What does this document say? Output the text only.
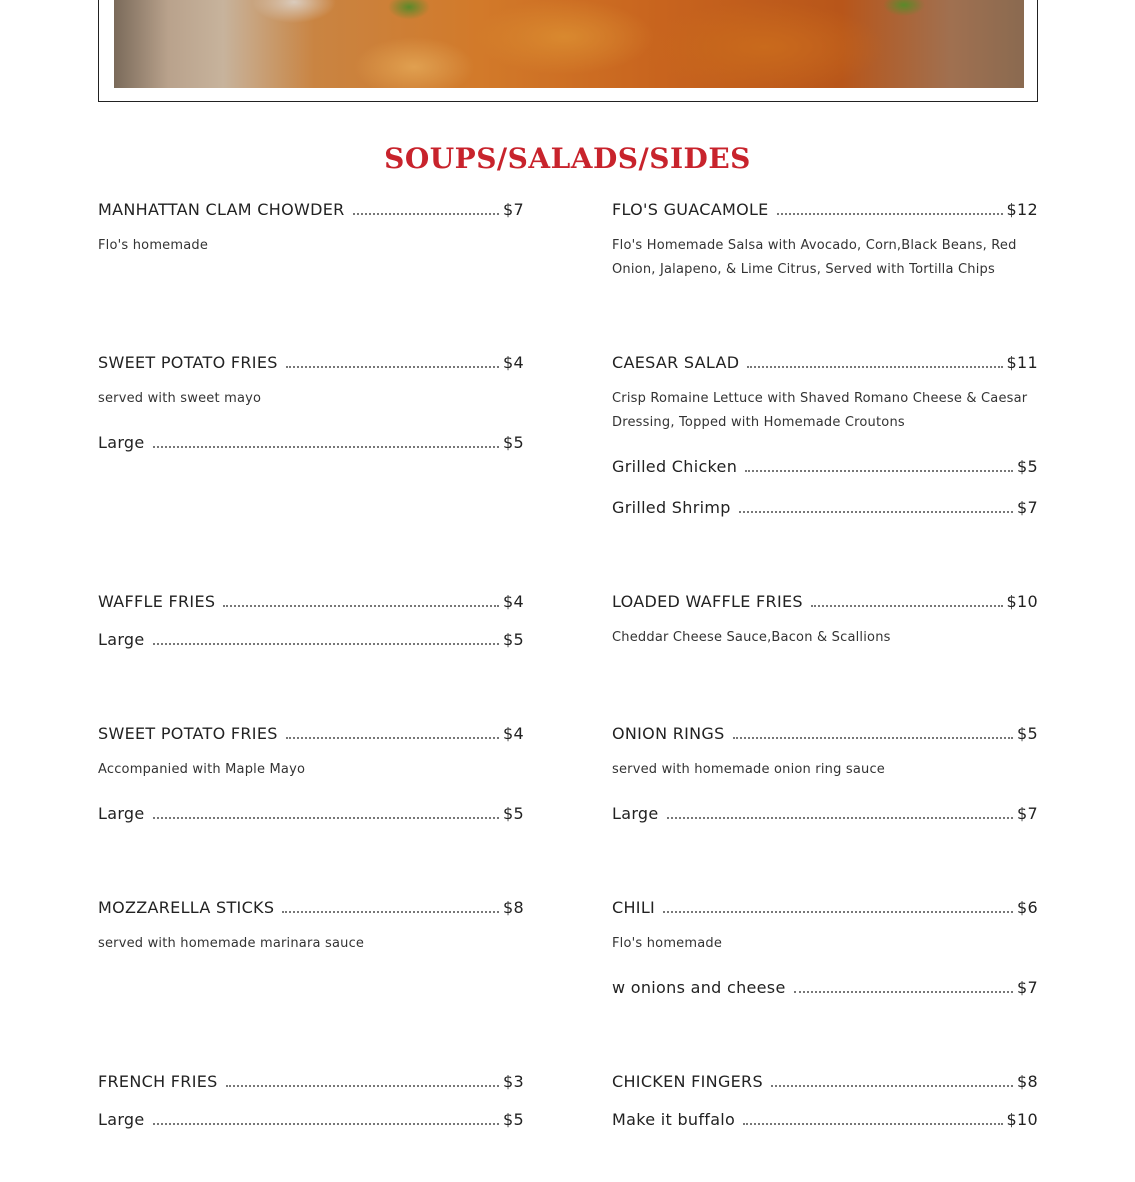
SOUPS/SALADS/SIDES
MANHATTAN CLAM CHOWDER	$7

Flo's homemade

SWEET POTATO FRIES	$4

served with sweet mayo

Large	$5
WAFFLE FRIES	$4
Large	$5
SWEET POTATO FRIES	$4

Accompanied with Maple Mayo

Large	$5
MOZZARELLA STICKS	$8

served with homemade marinara sauce

FRENCH FRIES	$3
Large	$5
FLO'S GUACAMOLE	$12

Flo's Homemade Salsa with Avocado, Corn,Black Beans, Red Onion, Jalapeno, & Lime Citrus, Served with Tortilla Chips

CAESAR SALAD	$11

Crisp Romaine Lettuce with Shaved Romano Cheese & Caesar Dressing, Topped with Homemade Croutons

Grilled Chicken	$5
Grilled Shrimp	$7
LOADED WAFFLE FRIES	$10

Cheddar Cheese Sauce,Bacon & Scallions

ONION RINGS	$5

served with homemade onion ring sauce

Large	$7
CHILI	$6

Flo's homemade

w onions and cheese	$7
CHICKEN FINGERS	$8
Make it buffalo	$10
